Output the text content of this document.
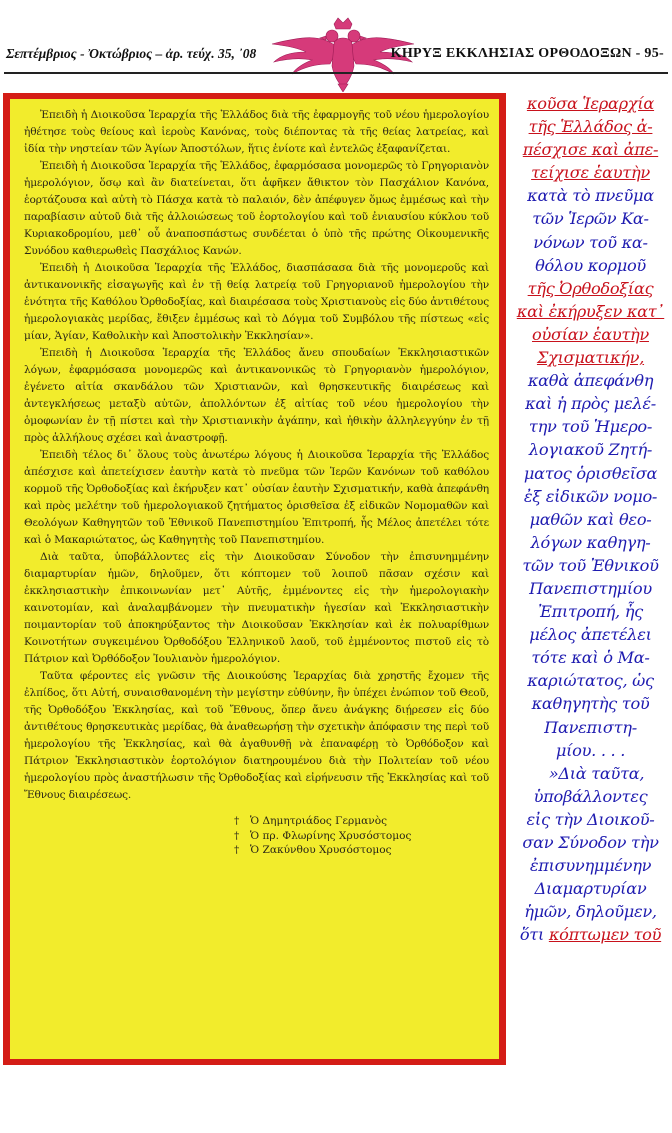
Σεπτέμβριος - Ὀκτώβριος – ἀρ. τεύχ. 35, ᾽08	ΚΗΡΥΞ ΕΚΚΛΗΣΙΑΣ ΟΡΘΟΔΟΞΩΝ - 95-

Ἐπειδὴ ἡ Διοικοῦσα Ἱεραρχία τῆς Ἑλλάδος διὰ τῆς ἐφαρμογῆς τοῦ νέου ἡμερολογίου ἠθέτησε τοὺς θείους καὶ ἱεροὺς Κανόνας, τοὺς διέποντας τὰ τῆς θείας λατρείας, καὶ ἰδία τὴν νηστείαν τῶν Ἁγίων Ἀποστόλων, ἥτις ἐνίοτε καὶ ἐντελῶς ἐξαφανίζεται.

Ἐπειδὴ ἡ Διοικοῦσα Ἱεραρχία τῆς Ἑλλάδος, ἐφαρμόσασα μονομερῶς τὸ Γρηγοριανὸν ἡμερολόγιον, ὅσῳ καὶ ἂν διατείνεται, ὅτι ἀφῆκεν ἄθικτον τὸν Πασχάλιον Κανόνα, ἑορτάζουσα καὶ αὐτὴ τὸ Πάσχα κατὰ τὸ παλαιόν, δὲν ἀπέφυγεν ὅμως ἐμμέσως καὶ τὴν παραβίασιν αὐτοῦ διὰ τῆς ἀλλοιώσεως τοῦ ἑορτολογίου καὶ τοῦ ἐνιαυσίου κύκλου τοῦ Κυριακοδρομίου, μεθ᾽ οὗ ἀναποσπάστως συνδέεται ὁ ὑπὸ τῆς πρώτης Οἰκουμενικῆς Συνόδου καθιερωθεὶς Πασχάλιος Κανών.

Ἐπειδὴ ἡ Διοικοῦσα Ἱεραρχία τῆς Ἑλλάδος, διασπάσασα διὰ τῆς μονομεροῦς καὶ ἀντικανονικῆς εἰσαγωγῆς καὶ ἐν τῇ θείᾳ λατρείᾳ τοῦ Γρηγοριανοῦ ἡμερολογίου τὴν ἑνότητα τῆς Καθόλου Ὀρθοδοξίας, καὶ διαιρέσασα τοὺς Χριστιανοὺς εἰς δύο ἀντιθέτους ἡμερολογιακὰς μερίδας, ἔθιξεν ἐμμέσως καὶ τὸ Δόγμα τοῦ Συμβόλου τῆς πίστεως «εἰς μίαν, Ἁγίαν, Καθολικὴν καὶ Ἀποστολικὴν Ἐκκλησίαν».

Ἐπειδὴ ἡ Διοικοῦσα Ἱεραρχία τῆς Ἑλλάδος ἄνευ σπουδαίων Ἐκκλησιαστικῶν λόγων, ἐφαρμόσασα μονομερῶς καὶ ἀντικανονικῶς τὸ Γρηγοριανὸν ἡμερολόγιον, ἐγένετο αἰτία σκανδάλου τῶν Χριστιανῶν, καὶ θρησκευτικῆς διαιρέσεως καὶ ἀντεγκλήσεως μεταξὺ αὐτῶν, ἀπολλόντων ἐξ αἰτίας τοῦ νέου ἡμερολογίου τὴν ὁμοφωνίαν ἐν τῇ πίστει καὶ τὴν Χριστιανικὴν ἀγάπην, καὶ ἠθικὴν ἀλληλεγγύην ἐν τῇ πρὸς ἀλλήλους σχέσει καὶ ἀναστροφῇ.

Ἐπειδὴ τέλος δι᾽ ὅλους τοὺς ἀνωτέρω λόγους ἡ Διοικοῦσα Ἱεραρχία τῆς Ἑλλάδος ἀπέσχισε καὶ ἀπετείχισεν ἑαυτὴν κατὰ τὸ πνεῦμα τῶν Ἱερῶν Κανόνων τοῦ καθόλου κορμοῦ τῆς Ὀρθοδοξίας καὶ ἐκήρυξεν κατ᾽ οὐσίαν ἑαυτὴν Σχισματικήν, καθὰ ἀπεφάνθη καὶ πρὸς μελέτην τοῦ ἡμερολογιακοῦ ζητήματος ὁρισθεῖσα ἐξ εἰδικῶν Νομομαθῶν καὶ Θεολόγων Καθηγητῶν τοῦ Ἐθνικοῦ Πανεπιστημίου Ἐπιτροπή, ἧς Μέλος ἀπετέλει τότε καὶ ὁ Μακαριώτατος, ὡς Καθηγητὴς τοῦ Πανεπιστημίου.

Διὰ ταῦτα, ὑποβάλλοντες εἰς τὴν Διοικοῦσαν Σύνοδον τὴν ἐπισυνημμένην διαμαρτυρίαν ἡμῶν, δηλοῦμεν, ὅτι κόπτομεν τοῦ λοιποῦ πᾶσαν σχέσιν καὶ ἐκκλησιαστικὴν ἐπικοινωνίαν μετ᾽ Αὐτῆς, ἐμμένοντες εἰς τὴν ἡμερολογιακὴν καινοτομίαν, καὶ ἀναλαμβάνομεν τὴν πνευματικὴν ἡγεσίαν καὶ Ἐκκλησιαστικὴν ποιμαντορίαν τοῦ ἀποκηρύξαντος τὴν Διοικοῦσαν Ἐκκλησίαν καὶ ἐκ πολυαρίθμων Κοινοτήτων συγκειμένου Ὀρθοδόξου Ἑλληνικοῦ λαοῦ, τοῦ ἐμμένοντος πιστοῦ εἰς τὸ Πάτριον καὶ Ὀρθόδοξον Ἰουλιανὸν ἡμερολόγιον.

Ταῦτα φέροντες εἰς γνῶσιν τῆς Διοικούσης Ἱεραρχίας διὰ χρηστῆς ἔχομεν τῆς ἐλπίδος, ὅτι Αὐτή, συναισθανομένη τὴν μεγίστην εὐθύνην, ἣν ὑπέχει ἐνώπιον τοῦ Θεοῦ, τῆς Ὀρθοδόξου Ἐκκλησίας, καὶ τοῦ Ἔθνους, ὅπερ ἄνευ ἀνάγκης διῄρεσεν εἰς δύο ἀντιθέτους θρησκευτικὰς μερίδας, θὰ ἀναθεωρήσῃ τὴν σχετικὴν ἀπόφασιν της περὶ τοῦ ἡμερολογίου τῆς Ἐκκλησίας, καὶ θὰ ἀγαθυνθῇ νὰ ἐπαναφέρῃ τὸ Ὀρθόδοξον καὶ Πάτριον Ἐκκλησιαστικὸν ἑορτολόγιον διατηρουμένου διὰ τὴν Πολιτείαν τοῦ νέου ἡμερολογίου πρὸς ἀναστήλωσιν τῆς Ὀρθοδοξίας καὶ εἰρήνευσιν τῆς Ἐκκλησίας καὶ τοῦ Ἔθνους διαιρέσεως.

† Ὁ Δημητριάδος Γερμανὸς
† Ὁ πρ. Φλωρίνης Χρυσόστομος
† Ὁ Ζακύνθου Χρυσόστομος
κοῦσα Ἱεραρχία
τῆς Ἑλλάδος ἀ-
πέσχισε καὶ ἀπε-
τείχισε ἑαυτὴν
κατὰ τὸ πνεῦμα
τῶν Ἱερῶν Κα-
νόνων τοῦ κα-
θόλου κορμοῦ
τῆς Ὀρθοδοξίας
καὶ ἐκήρυξεν κατ᾽
οὐσίαν ἑαυτὴν
Σχισματικήν,
καθὰ ἀπεφάνθη
καὶ ἡ πρὸς μελέ-
την τοῦ Ἡμερο-
λογιακοῦ Ζητή-
ματος ὁρισθεῖσα
ἐξ εἰδικῶν νομο-
μαθῶν καὶ θεο-
λόγων καθηγη-
τῶν τοῦ Ἐθνικοῦ
Πανεπιστημίου
Ἐπιτροπή, ἧς
μέλος ἀπετέλει
τότε καὶ ὁ Μα-
καριώτατος, ὡς
καθηγητὴς τοῦ
Πανεπιστη-
μίου. . . .
»Διὰ ταῦτα,
ὑποβάλλοντες
εἰς τὴν Διοικοῦ-
σαν Σύνοδον τὴν
ἐπισυνημμένην
Διαμαρτυρίαν
ἡμῶν, δηλοῦμεν,
ὅτι κόπτωμεν τοῦ
